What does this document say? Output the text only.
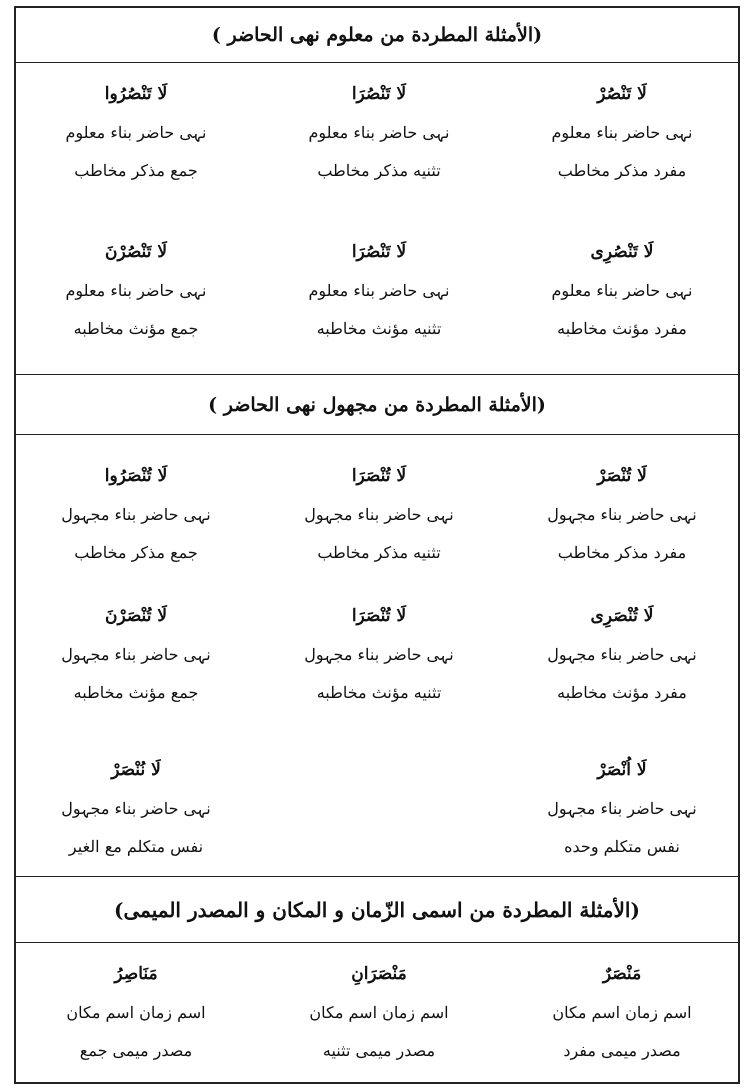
(الأمثلة المطردة من معلوم نهی الحاضر )
لَا تَنْصُرْ
نہی حاضر بناء معلوم
مفرد مذکر مخاطب
لَا تَنْصُرَا
نہی حاضر بناء معلوم
تثنیه مذکر مخاطب
لَا تَنْصُرُوا
نہی حاضر بناء معلوم
جمع مذکر مخاطب
لَا تَنْصُرِی
نہی حاضر بناء معلوم
مفرد مؤنث مخاطبه
لَا تَنْصُرَا
نہی حاضر بناء معلوم
تثنیه مؤنث مخاطبه
لَا تَنْصُرْنَ
نہی حاضر بناء معلوم
جمع مؤنث مخاطبه
(الأمثلة المطردة من مجهول نهی الحاضر )
لَا تُنْصَرْ
نہی حاضر بناء مجہول
مفرد مذکر مخاطب
لَا تُنْصَرَا
نہی حاضر بناء مجہول
تثنیه مذکر مخاطب
لَا تُنْصَرُوا
نہی حاضر بناء مجہول
جمع مذکر مخاطب
لَا تُنْصَرِی
نہی حاضر بناء مجہول
مفرد مؤنث مخاطبه
لَا تُنْصَرَا
نہی حاضر بناء مجہول
تثنیه مؤنث مخاطبه
لَا تُنْصَرْنَ
نہی حاضر بناء مجہول
جمع مؤنث مخاطبه
لَا اُنْصَرْ
نہی حاضر بناء مجہول
نفس متکلم وحده
لَا نُنْصَرْ
نہی حاضر بناء مجہول
نفس متکلم مع الغیر
(الأمثلة المطردة من اسمی الزّمان و المکان و المصدر المیمی)
مَنْصَرٌ
اسم زمان اسم مکان
مصدر میمی مفرد
مَنْصَرَانِ
اسم زمان اسم مکان
مصدر میمی تثنیه
مَنَاصِرُ
اسم زمان اسم مکان
مصدر میمی جمع
